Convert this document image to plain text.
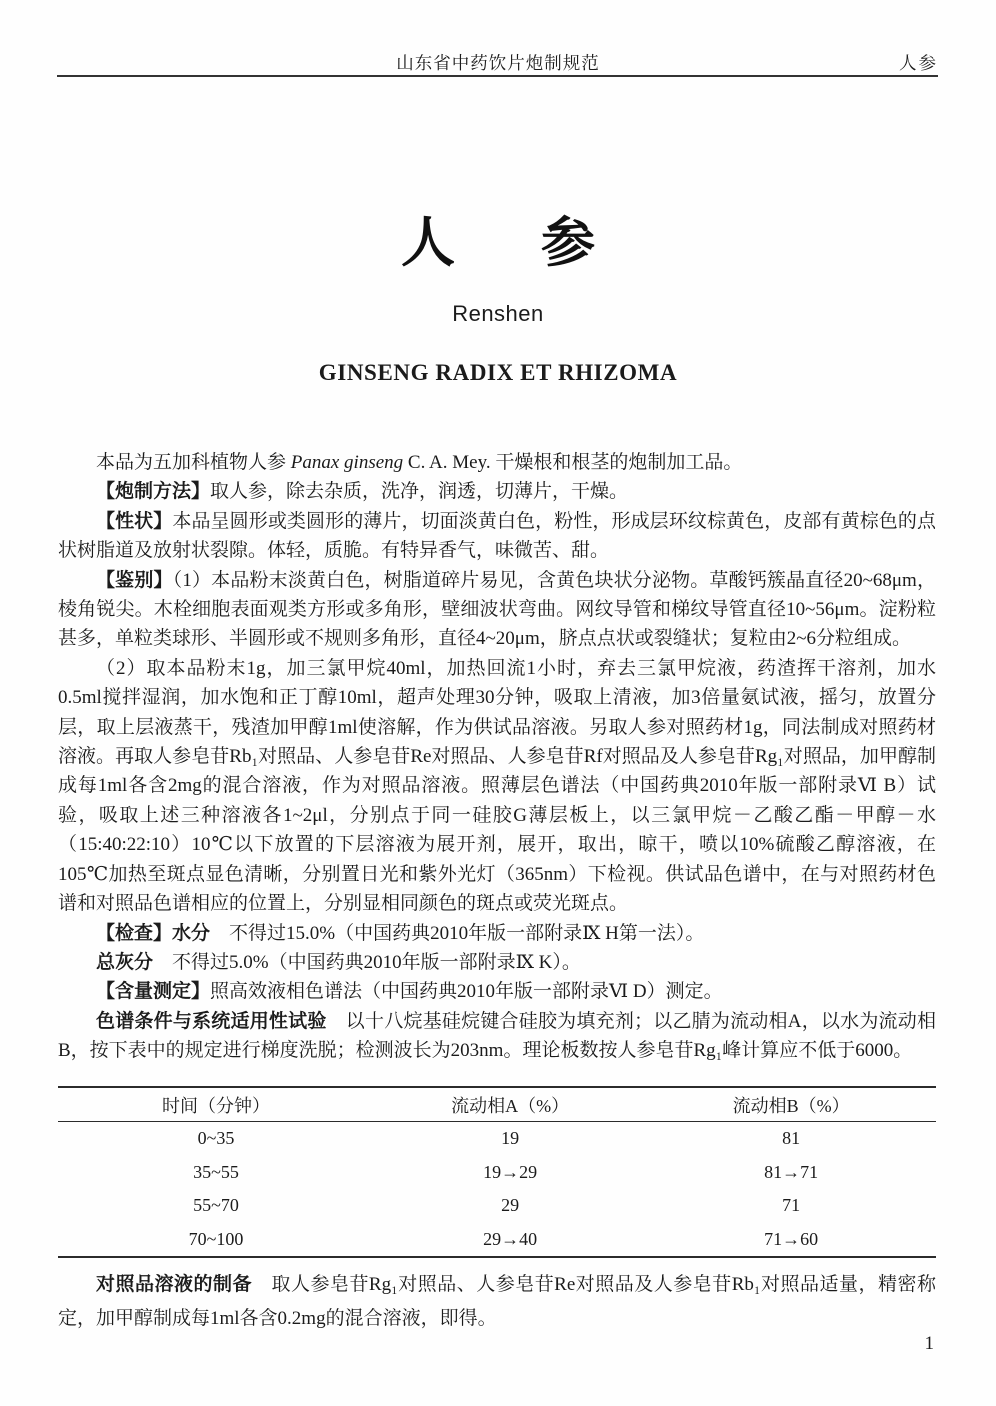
山东省中药饮片炮制规范	人参
人 参
Renshen
GINSENG RADIX ET RHIZOMA

本品为五加科植物人参 Panax ginseng C. A. Mey. 干燥根和根茎的炮制加工品。

【炮制方法】取人参，除去杂质，洗净，润透，切薄片，干燥。

【性状】本品呈圆形或类圆形的薄片，切面淡黄白色，粉性，形成层环纹棕黄色，皮部有黄棕色的点状树脂道及放射状裂隙。体轻，质脆。有特异香气，味微苦、甜。

【鉴别】（1）本品粉末淡黄白色，树脂道碎片易见，含黄色块状分泌物。草酸钙簇晶直径20~68μm，棱角锐尖。木栓细胞表面观类方形或多角形，壁细波状弯曲。网纹导管和梯纹导管直径10~56μm。淀粉粒甚多，单粒类球形、半圆形或不规则多角形，直径4~20μm，脐点点状或裂缝状；复粒由2~6分粒组成。

（2）取本品粉末1g，加三氯甲烷40ml，加热回流1小时，弃去三氯甲烷液，药渣挥干溶剂，加水0.5ml搅拌湿润，加水饱和正丁醇10ml，超声处理30分钟，吸取上清液，加3倍量氨试液，摇匀，放置分层，取上层液蒸干，残渣加甲醇1ml使溶解，作为供试品溶液。另取人参对照药材1g，同法制成对照药材溶液。再取人参皂苷Rb₁对照品、人参皂苷Re对照品、人参皂苷Rf对照品及人参皂苷Rg₁对照品，加甲醇制成每1ml各含2mg的混合溶液，作为对照品溶液。照薄层色谱法（中国药典2010年版一部附录Ⅵ B）试验，吸取上述三种溶液各1~2μl，分别点于同一硅胶G薄层板上，以三氯甲烷－乙酸乙酯－甲醇－水（15:40:22:10）10℃以下放置的下层溶液为展开剂，展开，取出，晾干，喷以10%硫酸乙醇溶液，在105℃加热至斑点显色清晰，分别置日光和紫外光灯（365nm）下检视。供试品色谱中，在与对照药材色谱和对照品色谱相应的位置上，分别显相同颜色的斑点或荧光斑点。

【检查】水分　不得过15.0%（中国药典2010年版一部附录Ⅸ H第一法）。

总灰分　不得过5.0%（中国药典2010年版一部附录Ⅸ K）。

【含量测定】照高效液相色谱法（中国药典2010年版一部附录Ⅵ D）测定。

色谱条件与系统适用性试验　以十八烷基硅烷键合硅胶为填充剂；以乙腈为流动相A，以水为流动相B，按下表中的规定进行梯度洗脱；检测波长为203nm。理论板数按人参皂苷Rg₁峰计算应不低于6000。

时间（分钟）	流动相A（%）	流动相B（%）
0~35	19	81
35~55	19→29	81→71
55~70	29	71
70~100	29→40	71→60

对照品溶液的制备　取人参皂苷Rg₁对照品、人参皂苷Re对照品及人参皂苷Rb₁对照品适量，精密称定，加甲醇制成每1ml各含0.2mg的混合溶液，即得。

1
